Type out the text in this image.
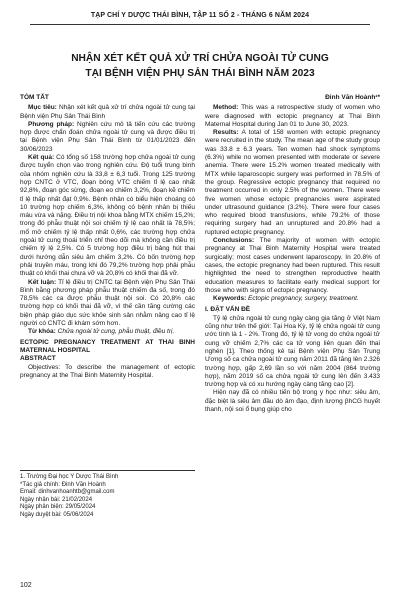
TẠP CHÍ Y DƯỢC THÁI BÌNH, TẬP 11 SỐ 2 - THÁNG 6 NĂM 2024
NHẬN XÉT KẾT QUẢ XỬ TRÍ CHỬA NGOÀI TỬ CUNG
TẠI BỆNH VIỆN PHỤ SẢN THÁI BÌNH NĂM 2023

TÓM TẮT

Mục tiêu: Nhận xét kết quả xử trí chửa ngoài tử cung tại Bệnh viện Phụ Sản Thái Bình

Phương pháp: Nghiên cứu mô tả tiến cứu các trường hợp được chẩn đoán chửa ngoài tử cung và được điều trị tại Bệnh viện Phụ Sản Thái Bình từ 01/01/2023 đến 30/06/2023

Kết quả: Có tổng số 158 trường hợp chửa ngoài tử cung được tuyển chọn vào trong nghiên cứu. Độ tuổi trung bình của nhóm nghiên cứu là 33,8 ± 6,3 tuổi. Trong 125 trường hợp CNTC ở VTC, đoạn bóng VTC chiếm tỉ lệ cao nhất 92,8%, đoạn góc sừng, đoạn eo chiếm 3,2%, đoạn kẽ chiếm tỉ lệ thấp nhất đạt 0,9%. Bệnh nhân có biểu hiện choáng có 10 trường hợp chiếm 6,3%, không có bệnh nhân bị thiếu máu vừa và nặng. Điều trị nội khoa bằng MTX chiếm 15,2%; trong đó phẫu thuật nội soi chiếm tỷ lệ cao nhất là 78,5%; mổ mở chiếm tỷ lệ thấp nhất 0,6%, các trường hợp chửa ngoài tử cung thoái triển chỉ theo dõi mà không cần điều trị chiếm tỷ lệ 2,5%. Có 5 trường hợp điều trị bảng hút thai dưới hướng dẫn siêu âm chiếm 3,2%. Có bốn trường hợp phải truyền máu, trong khi đó 79,2% trường hợp phải phẫu thuật có khối thai chưa vỡ và 20,8% có khối thai đã vỡ.

Kết luận: Tỉ lệ điều trị CNTC tại Bệnh viện Phụ Sản Thái Bình bằng phương pháp phẫu thuật chiếm đa số, trong đó 78,5% các ca được phẫu thuật nội soi. Có 20,8% các trường hợp có khối thai đã vỡ, vì thế cần tăng cường các biện pháp giáo dục sức khỏe sinh sản nhằm nâng cao tỉ lệ người có CNTC đi khám sớm hơn.

Từ khóa: Chửa ngoài tử cung, phẫu thuật, điều trị.

ECTOPIC PREGNANCY TREATMENT AT THAI BINH MATERNAL HOSPITAL

ABSTRACT

Objectives: To describe the management of ectopic pregnancy at the Thai Binh Maternity Hospital.

1. Trường Đại học Y Dược Thái Bình

*Tác giả chính: Đinh Văn Hoành

Email: dinhvanhoanhtb@gmail.com

Ngày nhận bài: 21/02/2024

Ngày phản biện: 29/05/2024

Ngày duyệt bài: 05/06/2024

102

Đinh Văn Hoành¹*

Method: This was a retrospective study of women who were diagnosed with ectopic pregnancy at Thai Binh Maternal Hospital during Jan 01 to June 30, 2023.

Results: A total of 158 women with ectopic pregnancy were recruited in the study. The mean age of the study group was 33.8 ± 6.3 years. Ten women had shock symptoms (6.3%) while no women presented with moderate or severe anemia. There were 15.2% women treated medically with MTX while laparoscopic surgery was performed in 78.5% of the group. Regressive ectopic pregnancy that required no treatment occurred in only 2.5% of the women. There were five women whose ectopic pregnancies were aspirated under ultrasound guidance (3.2%). There were four cases who required blood transfusions, while 79.2% of those requiring surgery had an unruptured and 20.8% had a ruptured ectopic pregnancy.

Conclusions: The majority of women with ectopic pregnancy at Thai Binh Maternity Hospital were treated surgically; most cases underwent laparoscopy. In 20.8% of cases, the ectopic pregnancy had been ruptured. This result highlighted the need to strengthen reproductive health education measures to facilitate early medical support for those who with signs of ectopic pregnancy.

Keywords: Ectopic pregnancy, surgery, treatment.

I. ĐẶT VẤN ĐỀ

Tỷ lệ chửa ngoài tử cung ngày càng gia tăng ở Việt Nam cũng như trên thế giới: Tại Hoa Kỳ, tỷ lệ chửa ngoài tử cung ước tính là 1 - 2%. Trong đó, tỷ lệ tử vong do chửa ngoài tử cung vỡ chiếm 2,7% các ca tử vong liên quan đến thai nghén [1]. Theo thống kê tại Bệnh viện Phụ Sản Trung Ương số ca chửa ngoài tử cung năm 2011 đã tăng lên 2.326 trường hợp, gấp 2,69 lần so với năm 2004 (864 trường hợp), năm 2019 số ca chửa ngoài tử cung lên đến 3.433 trường hợp và có xu hướng ngày càng tăng cao [2].

Hiện nay đã có nhiều tiến bộ trong y học như: siêu âm, đặc biệt là siêu âm đầu dò âm đạo, định lượng βhCG huyết thanh, nội soi ổ bụng giúp cho
